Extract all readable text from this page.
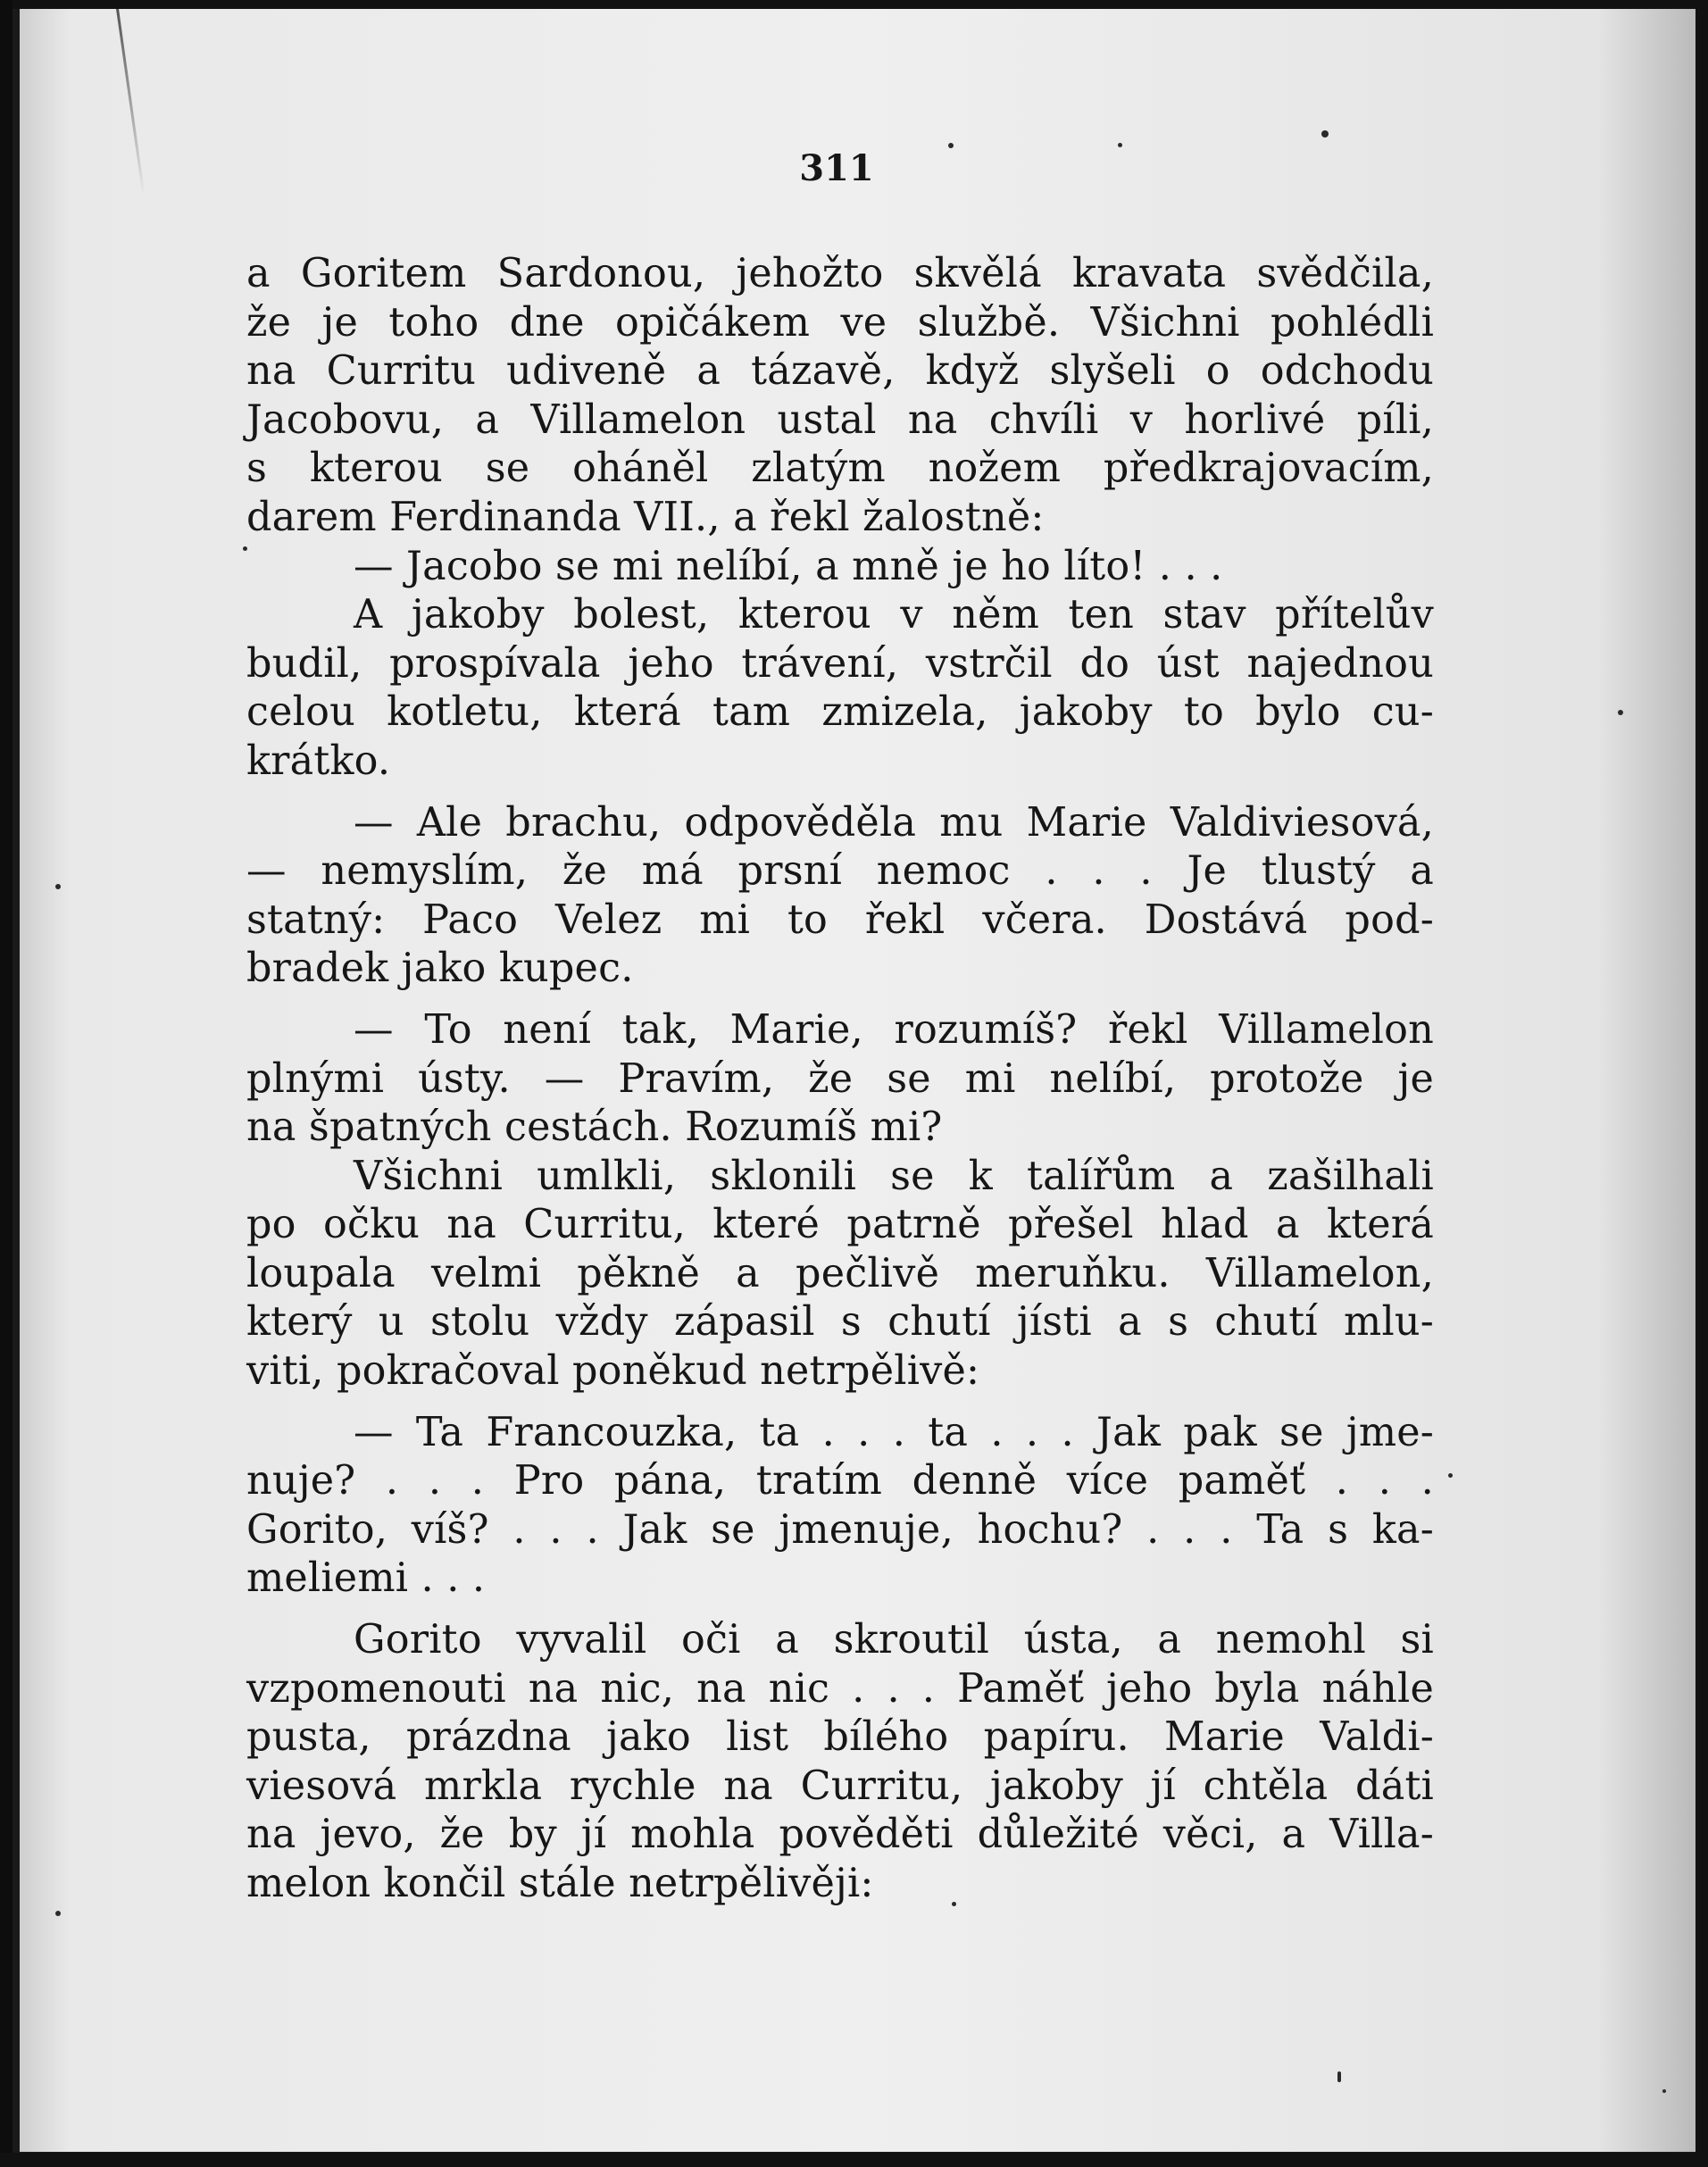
311
a Goritem Sardonou, jehožto skvělá kravata svědčila,
že je toho dne opičákem ve službě. Všichni pohlédli
na Curritu udiveně a tázavě, když slyšeli o odchodu
Jacobovu, a Villamelon ustal na chvíli v horlivé píli,
s kterou se oháněl zlatým nožem předkrajovacím,
darem Ferdinanda VII., a řekl žalostně:
— Jacobo se mi nelíbí, a mně je ho líto! . . .
A jakoby bolest, kterou v něm ten stav přítelův
budil, prospívala jeho trávení, vstrčil do úst najednou
celou kotletu, která tam zmizela, jakoby to bylo cu-
krátko.
— Ale brachu, odpověděla mu Marie Valdiviesová,
— nemyslím, že má prsní nemoc . . . Je tlustý a
statný: Paco Velez mi to řekl včera. Dostává pod-
bradek jako kupec.
— To není tak, Marie, rozumíš? řekl Villamelon
plnými ústy. — Pravím, že se mi nelíbí, protože je
na špatných cestách. Rozumíš mi?
Všichni umlkli, sklonili se k talířům a zašilhali
po očku na Curritu, které patrně přešel hlad a která
loupala velmi pěkně a pečlivě meruňku. Villamelon,
který u stolu vždy zápasil s chutí jísti a s chutí mlu-
viti, pokračoval poněkud netrpělivě:
— Ta Francouzka, ta . . . ta . . . Jak pak se jme-
nuje? . . . Pro pána, tratím denně více paměť . . .
Gorito, víš? . . . Jak se jmenuje, hochu? . . . Ta s ka-
meliemi . . .
Gorito vyvalil oči a skroutil ústa, a nemohl si
vzpomenouti na nic, na nic . . . Paměť jeho byla náhle
pusta, prázdna jako list bílého papíru. Marie Valdi-
viesová mrkla rychle na Curritu, jakoby jí chtěla dáti
na jevo, že by jí mohla pověděti důležité věci, a Villa-
melon končil stále netrpělivěji:
